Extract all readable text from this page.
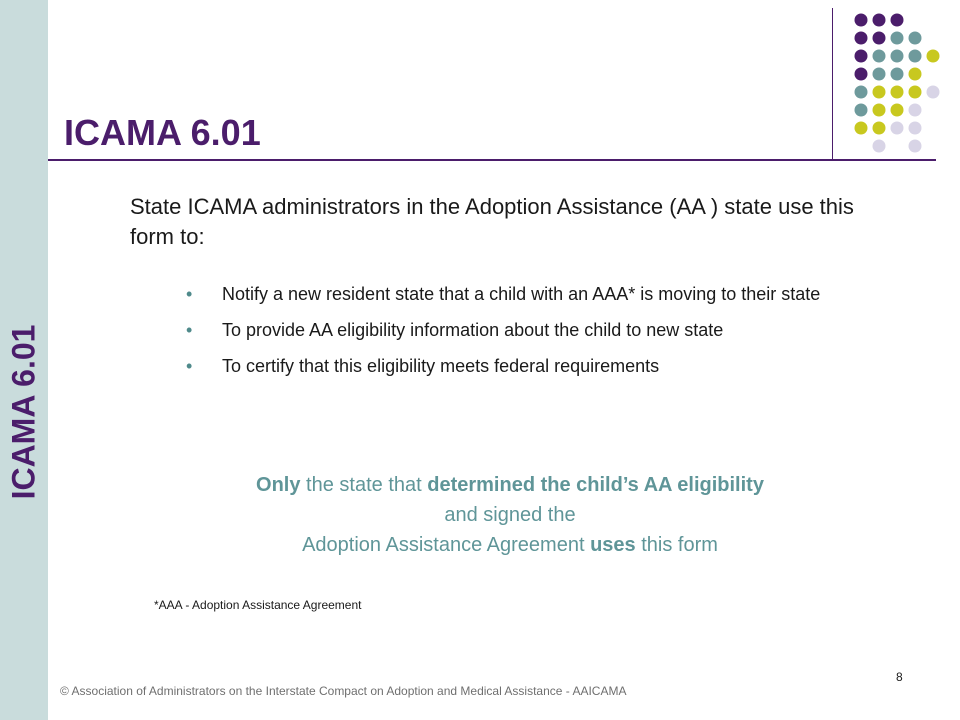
ICAMA 6.01
ICAMA 6.01
State ICAMA administrators in the Adoption Assistance (AA ) state use this form to:
• Notify a new resident state that a child with an AAA* is moving to their state
• To provide AA eligibility information about the child to new state
• To certify that this eligibility meets federal requirements
Only the state that determined the child’s AA eligibility
and signed the
Adoption Assistance Agreement uses this form
*AAA - Adoption Assistance Agreement
© Association of Administrators on the Interstate Compact on Adoption and Medical Assistance - AAICAMA
8
